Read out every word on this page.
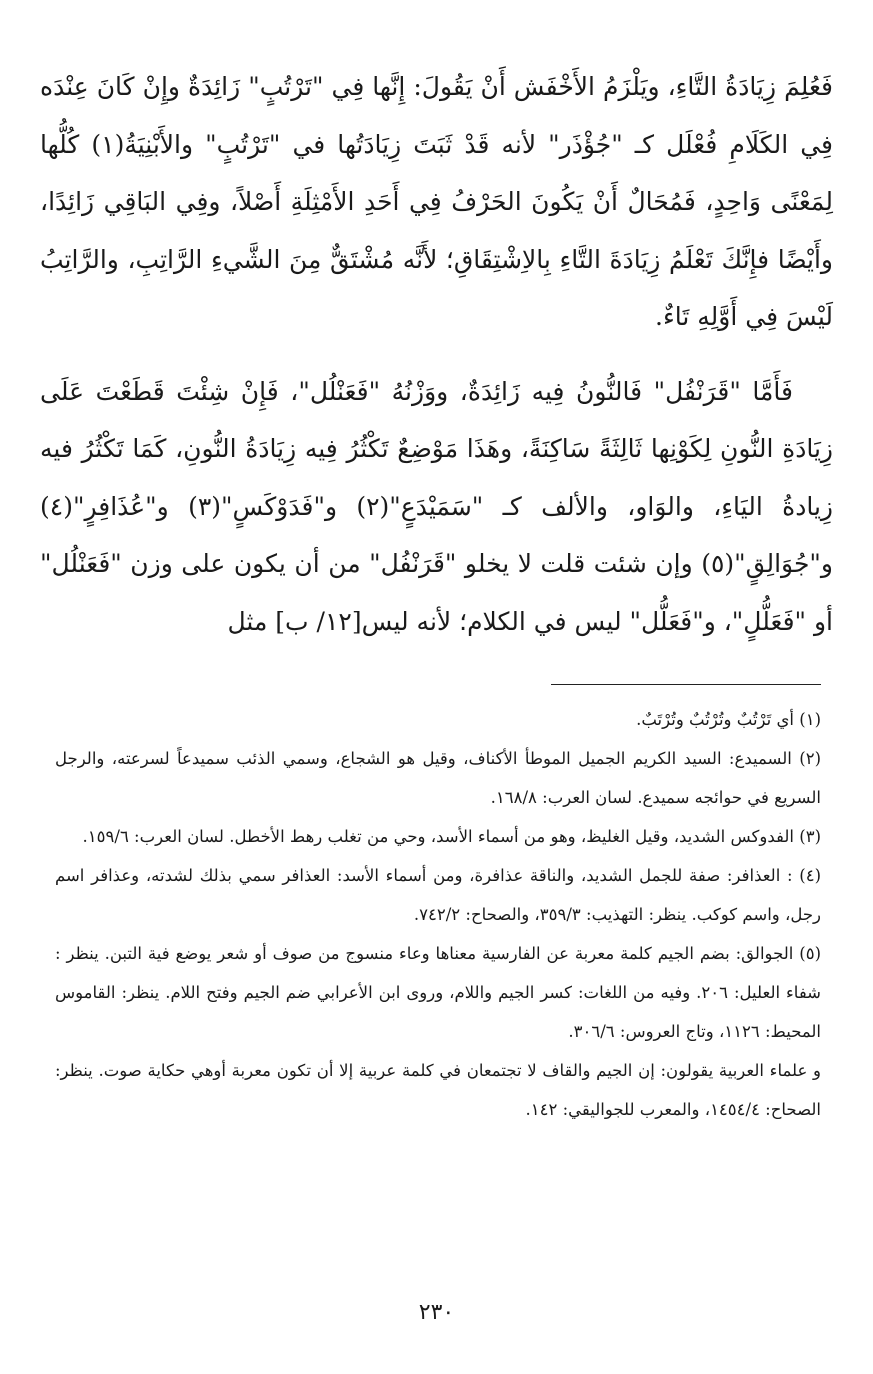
فَعُلِمَ زِيَادَةُ التَّاءِ، ويَلْزَمُ الأَخْفَش أَنْ يَقُولَ: إِنَّها فِي "تَرْتُبٍ" زَائِدَةٌ وإِنْ كَانَ عِنْدَه فِي الكَلَامِ فُعْلَل كـ "جُؤْذَر" لأنه قَدْ ثَبَتَ زِيَادَتُها في "تَرْتُبٍ" والأَبْنِيَةُ(١) كُلُّها لِمَعْنًى وَاحِدٍ، فَمُحَالٌ أَنْ يَكُونَ الحَرْفُ فِي أَحَدِ الأَمْثِلَةِ أَصْلاً، وفِي البَاقِي زَائِدًا، وأَيْضًا فإِنَّكَ تَعْلَمُ زِيَادَةَ التَّاءِ بِالاِشْتِقَاقِ؛ لأَنَّه مُشْتَقٌّ مِنَ الشَّيءِ الرَّاتِبِ، والرَّاتِبُ لَيْسَ فِي أَوَّلِهِ تَاءٌ.

فَأَمَّا "قَرَنْفُل" فَالنُّونُ فِيه زَائِدَةٌ، ووَزْنُهُ "فَعَنْلُل"، فَإِنْ شِئْتَ قَطَعْتَ عَلَى زِيَادَةِ النُّونِ لِكَوْنِها ثَالِثَةً سَاكِنَةً، وهَذَا مَوْضِعٌ تَكْثُرُ فِيه زِيَادَةُ النُّونِ، كَمَا تَكْثُرُ فيه زِيادةُ اليَاءِ، والوَاو، والألف كـ "سَمَيْدَعٍ"(٢) و"فَدَوْكَسٍ"(٣) و"عُذَافِرٍ"(٤) و"جُوَالِقٍ"(٥) وإن شئت قلت لا يخلو "قَرَنْفُل" من أن يكون على وزن "فَعَنْلُل" أو "فَعَلُّلٍ"، و"فَعَلُّل" ليس في الكلام؛ لأنه ليس[١٢/ ب] مثل

(١) أي تَرْتُبٌ وتُرْتُبٌ وتُرْتَبٌ.

(٢) السميدع: السيد الكريم الجميل الموطأ الأكناف، وقيل هو الشجاع، وسمي الذئب سميدعاً لسرعته، والرجل السريع في حوائجه سميدع. لسان العرب: ١٦٨/٨.

(٣) الفدوكس الشديد، وقيل الغليظ، وهو من أسماء الأسد، وحي من تغلب رهط الأخطل. لسان العرب: ١٥٩/٦.

(٤) : العذافر: صفة للجمل الشديد، والناقة عذافرة، ومن أسماء الأسد: العذافر سمي بذلك لشدته، وعذافر اسم رجل، واسم كوكب. ينظر: التهذيب: ٣٥٩/٣، والصحاح: ٧٤٢/٢.

(٥) الجوالق: بضم الجيم كلمة معربة عن الفارسية معناها وعاء منسوج من صوف أو شعر يوضع فية التبن. ينظر : شفاء العليل: ٢٠٦. وفيه من اللغات: كسر الجيم واللام، وروى ابن الأعرابي ضم الجيم وفتح اللام. ينظر: القاموس المحيط: ١١٢٦، وتاج العروس: ٣٠٦/٦.

و علماء العربية يقولون: إن الجيم والقاف لا تجتمعان في كلمة عربية إلا أن تكون معربة أوهي حكاية صوت. ينظر: الصحاح: ١٤٥٤/٤، والمعرب للجواليقي: ١٤٢.

٢٣٠
